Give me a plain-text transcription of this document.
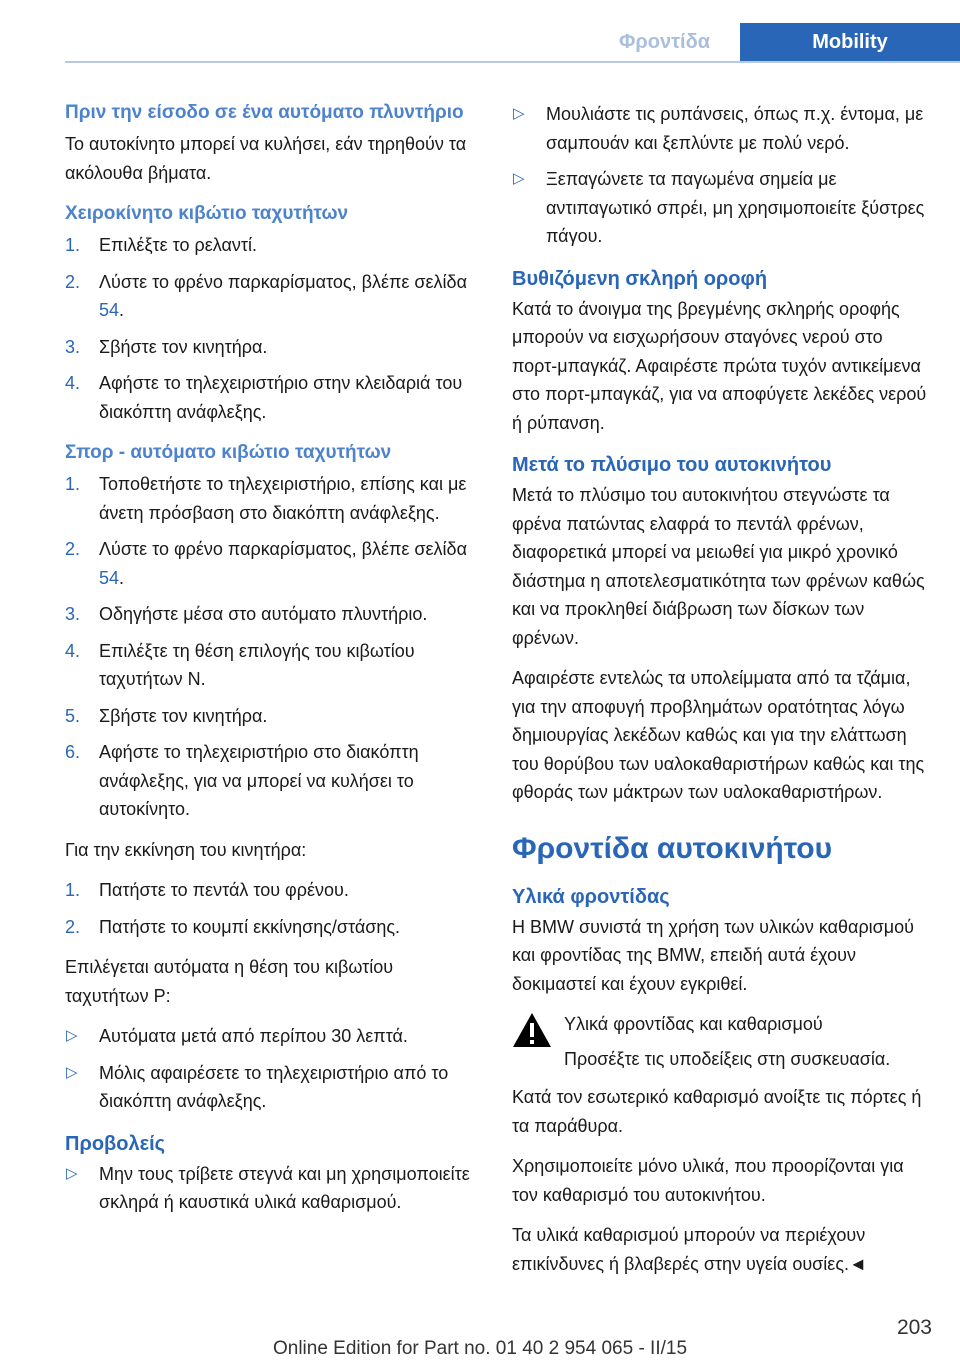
Φροντίδα	Mobility
Πριν την είσοδο σε ένα αυτόματο πλυντήριο
Το αυτοκίνητο μπορεί να κυλήσει, εάν τηρηθούν τα ακόλουθα βήματα.
Χειροκίνητο κιβώτιο ταχυτήτων
1. Επιλέξτε το ρελαντί.
2. Λύστε το φρένο παρκαρίσματος, βλέπε σελίδα 54.
3. Σβήστε τον κινητήρα.
4. Αφήστε το τηλεχειριστήριο στην κλειδαριά του διακόπτη ανάφλεξης.
Σπορ - αυτόματο κιβώτιο ταχυτήτων
1. Τοποθετήστε το τηλεχειριστήριο, επίσης και με άνετη πρόσβαση στο διακόπτη ανάφλεξης.
2. Λύστε το φρένο παρκαρίσματος, βλέπε σελίδα 54.
3. Οδηγήστε μέσα στο αυτόματο πλυντήριο.
4. Επιλέξτε τη θέση επιλογής του κιβωτίου ταχυτήτων N.
5. Σβήστε τον κινητήρα.
6. Αφήστε το τηλεχειριστήριο στο διακόπτη ανάφλεξης, για να μπορεί να κυλήσει το αυτοκίνητο.
Για την εκκίνηση του κινητήρα:
1. Πατήστε το πεντάλ του φρένου.
2. Πατήστε το κουμπί εκκίνησης/στάσης.
Επιλέγεται αυτόματα η θέση του κιβωτίου ταχυτήτων P:
▷
Αυτόματα μετά από περίπου 30 λεπτά.
▷
Μόλις αφαιρέσετε το τηλεχειριστήριο από το διακόπτη ανάφλεξης.
Προβολείς
▷
Μην τους τρίβετε στεγνά και μη χρησιμοποιείτε σκληρά ή καυστικά υλικά καθαρισμού.
▷
Μουλιάστε τις ρυπάνσεις, όπως π.χ. έντομα, με σαμπουάν και ξεπλύντε με πολύ νερό.
▷
Ξεπαγώνετε τα παγωμένα σημεία με αντιπαγωτικό σπρέι, μη χρησιμοποιείτε ξύστρες πάγου.
Βυθιζόμενη σκληρή οροφή
Κατά το άνοιγμα της βρεγμένης σκληρής οροφής μπορούν να εισχωρήσουν σταγόνες νερού στο πορτ-μπαγκάζ. Αφαιρέστε πρώτα τυχόν αντικείμενα στο πορτ-μπαγκάζ, για να αποφύγετε λεκέδες νερού ή ρύπανση.
Μετά το πλύσιμο του αυτοκινήτου
Μετά το πλύσιμο του αυτοκινήτου στεγνώστε τα φρένα πατώντας ελαφρά το πεντάλ φρένων, διαφορετικά μπορεί να μειωθεί για μικρό χρονικό διάστημα η αποτελεσματικότητα των φρένων καθώς και να προκληθεί διάβρωση των δίσκων των φρένων.
Αφαιρέστε εντελώς τα υπολείμματα από τα τζάμια, για την αποφυγή προβλημάτων ορατότητας λόγω δημιουργίας λεκέδων καθώς και για την ελάττωση του θορύβου των υαλοκαθαριστήρων καθώς και της φθοράς των μάκτρων των υαλοκαθαριστήρων.
Φροντίδα αυτοκινήτου
Υλικά φροντίδας
Η BMW συνιστά τη χρήση των υλικών καθαρισμού και φροντίδας της BMW, επειδή αυτά έχουν δοκιμαστεί και έχουν εγκριθεί.
Υλικά φροντίδας και καθαρισμού
Προσέξτε τις υποδείξεις στη συσκευασία.
Κατά τον εσωτερικό καθαρισμό ανοίξτε τις πόρτες ή τα παράθυρα.
Χρησιμοποιείτε μόνο υλικά, που προορίζονται για τον καθαρισμό του αυτοκινήτου.
Τα υλικά καθαρισμού μπορούν να περιέχουν επικίνδυνες ή βλαβερές στην υγεία ουσίες.◄
203
Online Edition for Part no. 01 40 2 954 065 - II/15
